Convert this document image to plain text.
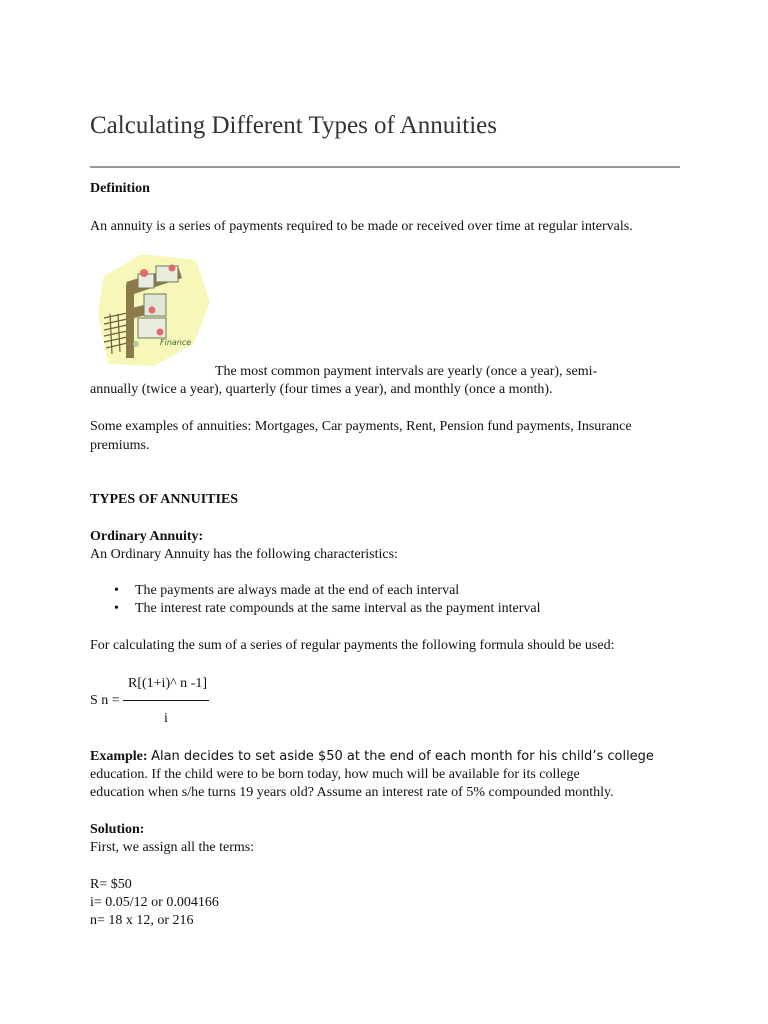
Calculating Different Types of Annuities

Definition

An annuity is a series of payments required to be made or received over time at regular intervals.

Finance

The most common payment intervals are yearly (once a year), semi-

annually (twice a year), quarterly (four times a year), and monthly (once a month).

Some examples of annuities: Mortgages, Car payments, Rent, Pension fund payments, Insurance

premiums.

TYPES OF ANNUITIES

Ordinary Annuity:

An Ordinary Annuity has the following characteristics:

• The payments are always made at the end of each interval
• The interest rate compounds at the same interval as the payment interval

For calculating the sum of a series of regular payments the following formula should be used:

R[(1+i)^ n -1]

S n =

i

Example: Alan decides to set aside $50 at the end of each month for his child’s college

education. If the child were to be born today, how much will be available for its college

education when s/he turns 19 years old? Assume an interest rate of 5% compounded monthly.

Solution:

First, we assign all the terms:

R= $50

i= 0.05/12 or 0.004166

n= 18 x 12, or 216
